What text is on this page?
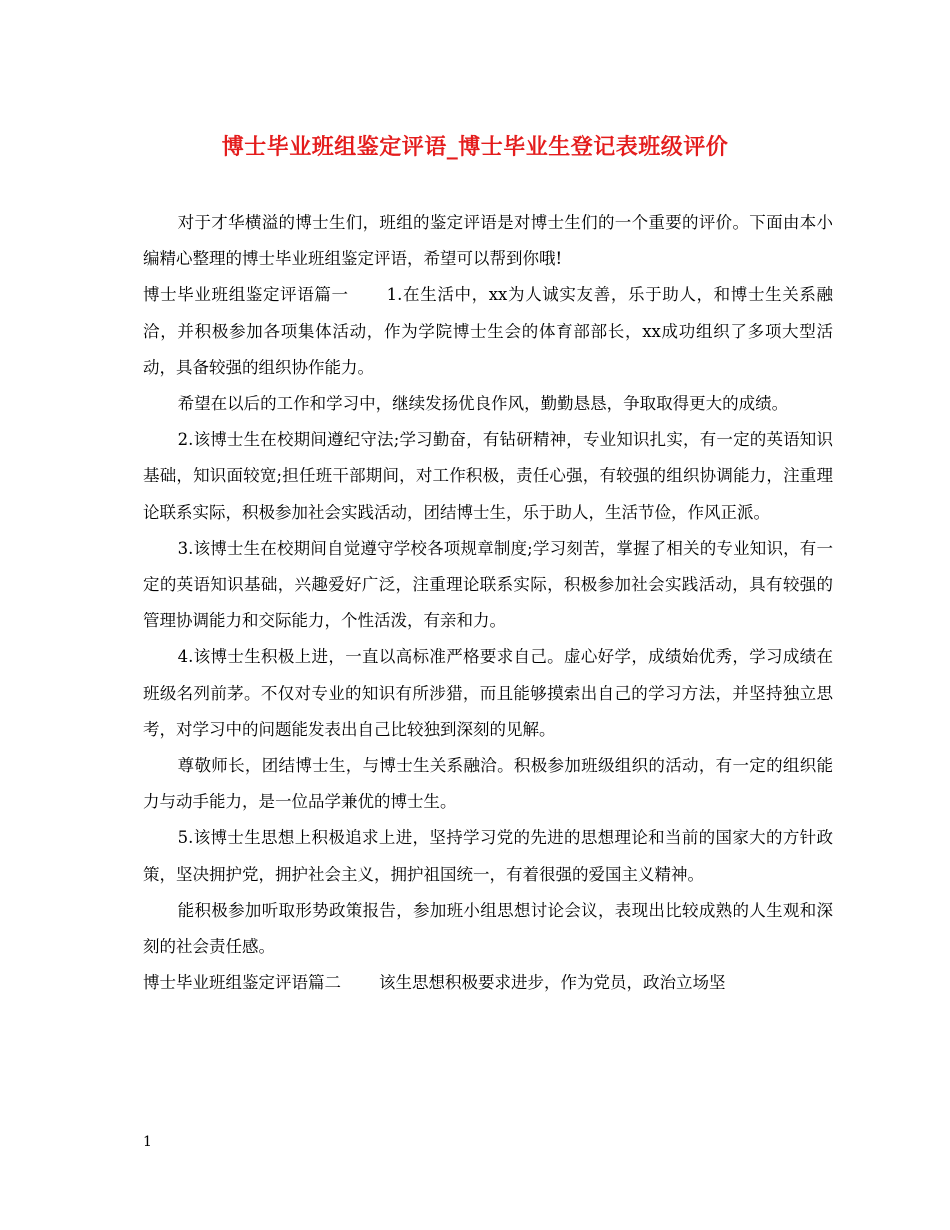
博士毕业班组鉴定评语_博士毕业生登记表班级评价

对于才华横溢的博士生们，班组的鉴定评语是对博士生们的一个重要的评价。下面由本小编精心整理的博士毕业班组鉴定评语，希望可以帮到你哦!

博士毕业班组鉴定评语篇一 1.在生活中，xx为人诚实友善，乐于助人，和博士生关系融洽，并积极参加各项集体活动，作为学院博士生会的体育部部长，xx成功组织了多项大型活动，具备较强的组织协作能力。

希望在以后的工作和学习中，继续发扬优良作风，勤勤恳恳，争取取得更大的成绩。

2.该博士生在校期间遵纪守法;学习勤奋，有钻研精神，专业知识扎实，有一定的英语知识基础，知识面较宽;担任班干部期间，对工作积极，责任心强，有较强的组织协调能力，注重理论联系实际，积极参加社会实践活动，团结博士生，乐于助人，生活节俭，作风正派。

3.该博士生在校期间自觉遵守学校各项规章制度;学习刻苦，掌握了相关的专业知识，有一定的英语知识基础，兴趣爱好广泛，注重理论联系实际，积极参加社会实践活动，具有较强的管理协调能力和交际能力，个性活泼，有亲和力。

4.该博士生积极上进，一直以高标准严格要求自己。虚心好学，成绩始优秀，学习成绩在班级名列前茅。不仅对专业的知识有所涉猎，而且能够摸索出自己的学习方法，并坚持独立思考，对学习中的问题能发表出自己比较独到深刻的见解。

尊敬师长，团结博士生，与博士生关系融洽。积极参加班级组织的活动，有一定的组织能力与动手能力，是一位品学兼优的博士生。

5.该博士生思想上积极追求上进，坚持学习党的先进的思想理论和当前的国家大的方针政策，坚决拥护党，拥护社会主义，拥护祖国统一，有着很强的爱国主义精神。

能积极参加听取形势政策报告，参加班小组思想讨论会议，表现出比较成熟的人生观和深刻的社会责任感。

博士毕业班组鉴定评语篇二 该生思想积极要求进步，作为党员，政治立场坚

1
